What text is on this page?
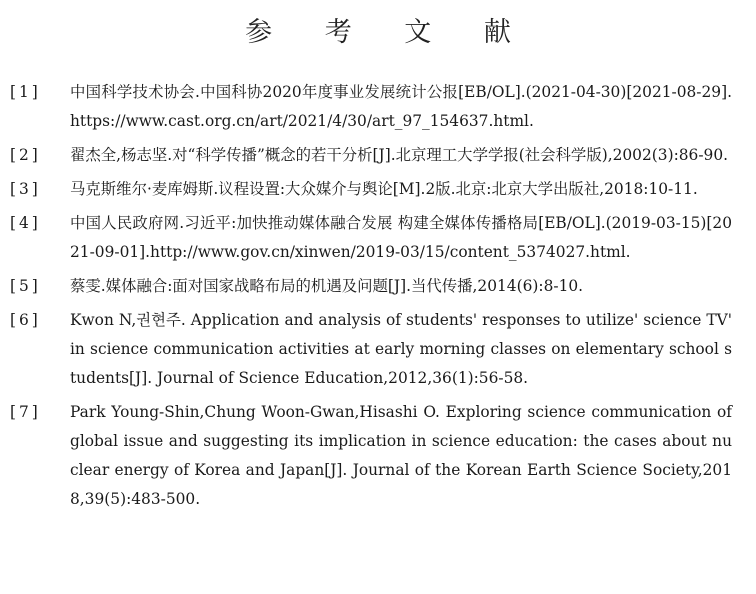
参 考 文 献
[1]	中国科学技术协会.中国科协2020年度事业发展统计公报[EB/OL].(2021-04-30)[2021-08-29].https://www.cast.org.cn/art/2021/4/30/art_97_154637.html.
[2]	翟杰全,杨志坚.对“科学传播”概念的若干分析[J].北京理工大学学报(社会科学版),2002(3):86-90.
[3]	马克斯维尔·麦库姆斯.议程设置:大众媒介与舆论[M].2版.北京:北京大学出版社,2018:10-11.
[4]	中国人民政府网.习近平:加快推动媒体融合发展 构建全媒体传播格局[EB/OL].(2019-03-15)[2021-09-01].http://www.gov.cn/xinwen/2019-03/15/content_5374027.html.
[5]	蔡雯.媒体融合:面对国家战略布局的机遇及问题[J].当代传播,2014(6):8-10.
[6]	Kwon N,권현주. Application and analysis of students' responses to utilize' science TV' in science communication activities at early morning classes on elementary school students[J]. Journal of Science Education,2012,36(1):56-58.
[7]	Park Young-Shin,Chung Woon-Gwan,Hisashi O. Exploring science communication of global issue and suggesting its implication in science education: the cases about nuclear energy of Korea and Japan[J]. Journal of the Korean Earth Science Society,2018,39(5):483-500.
